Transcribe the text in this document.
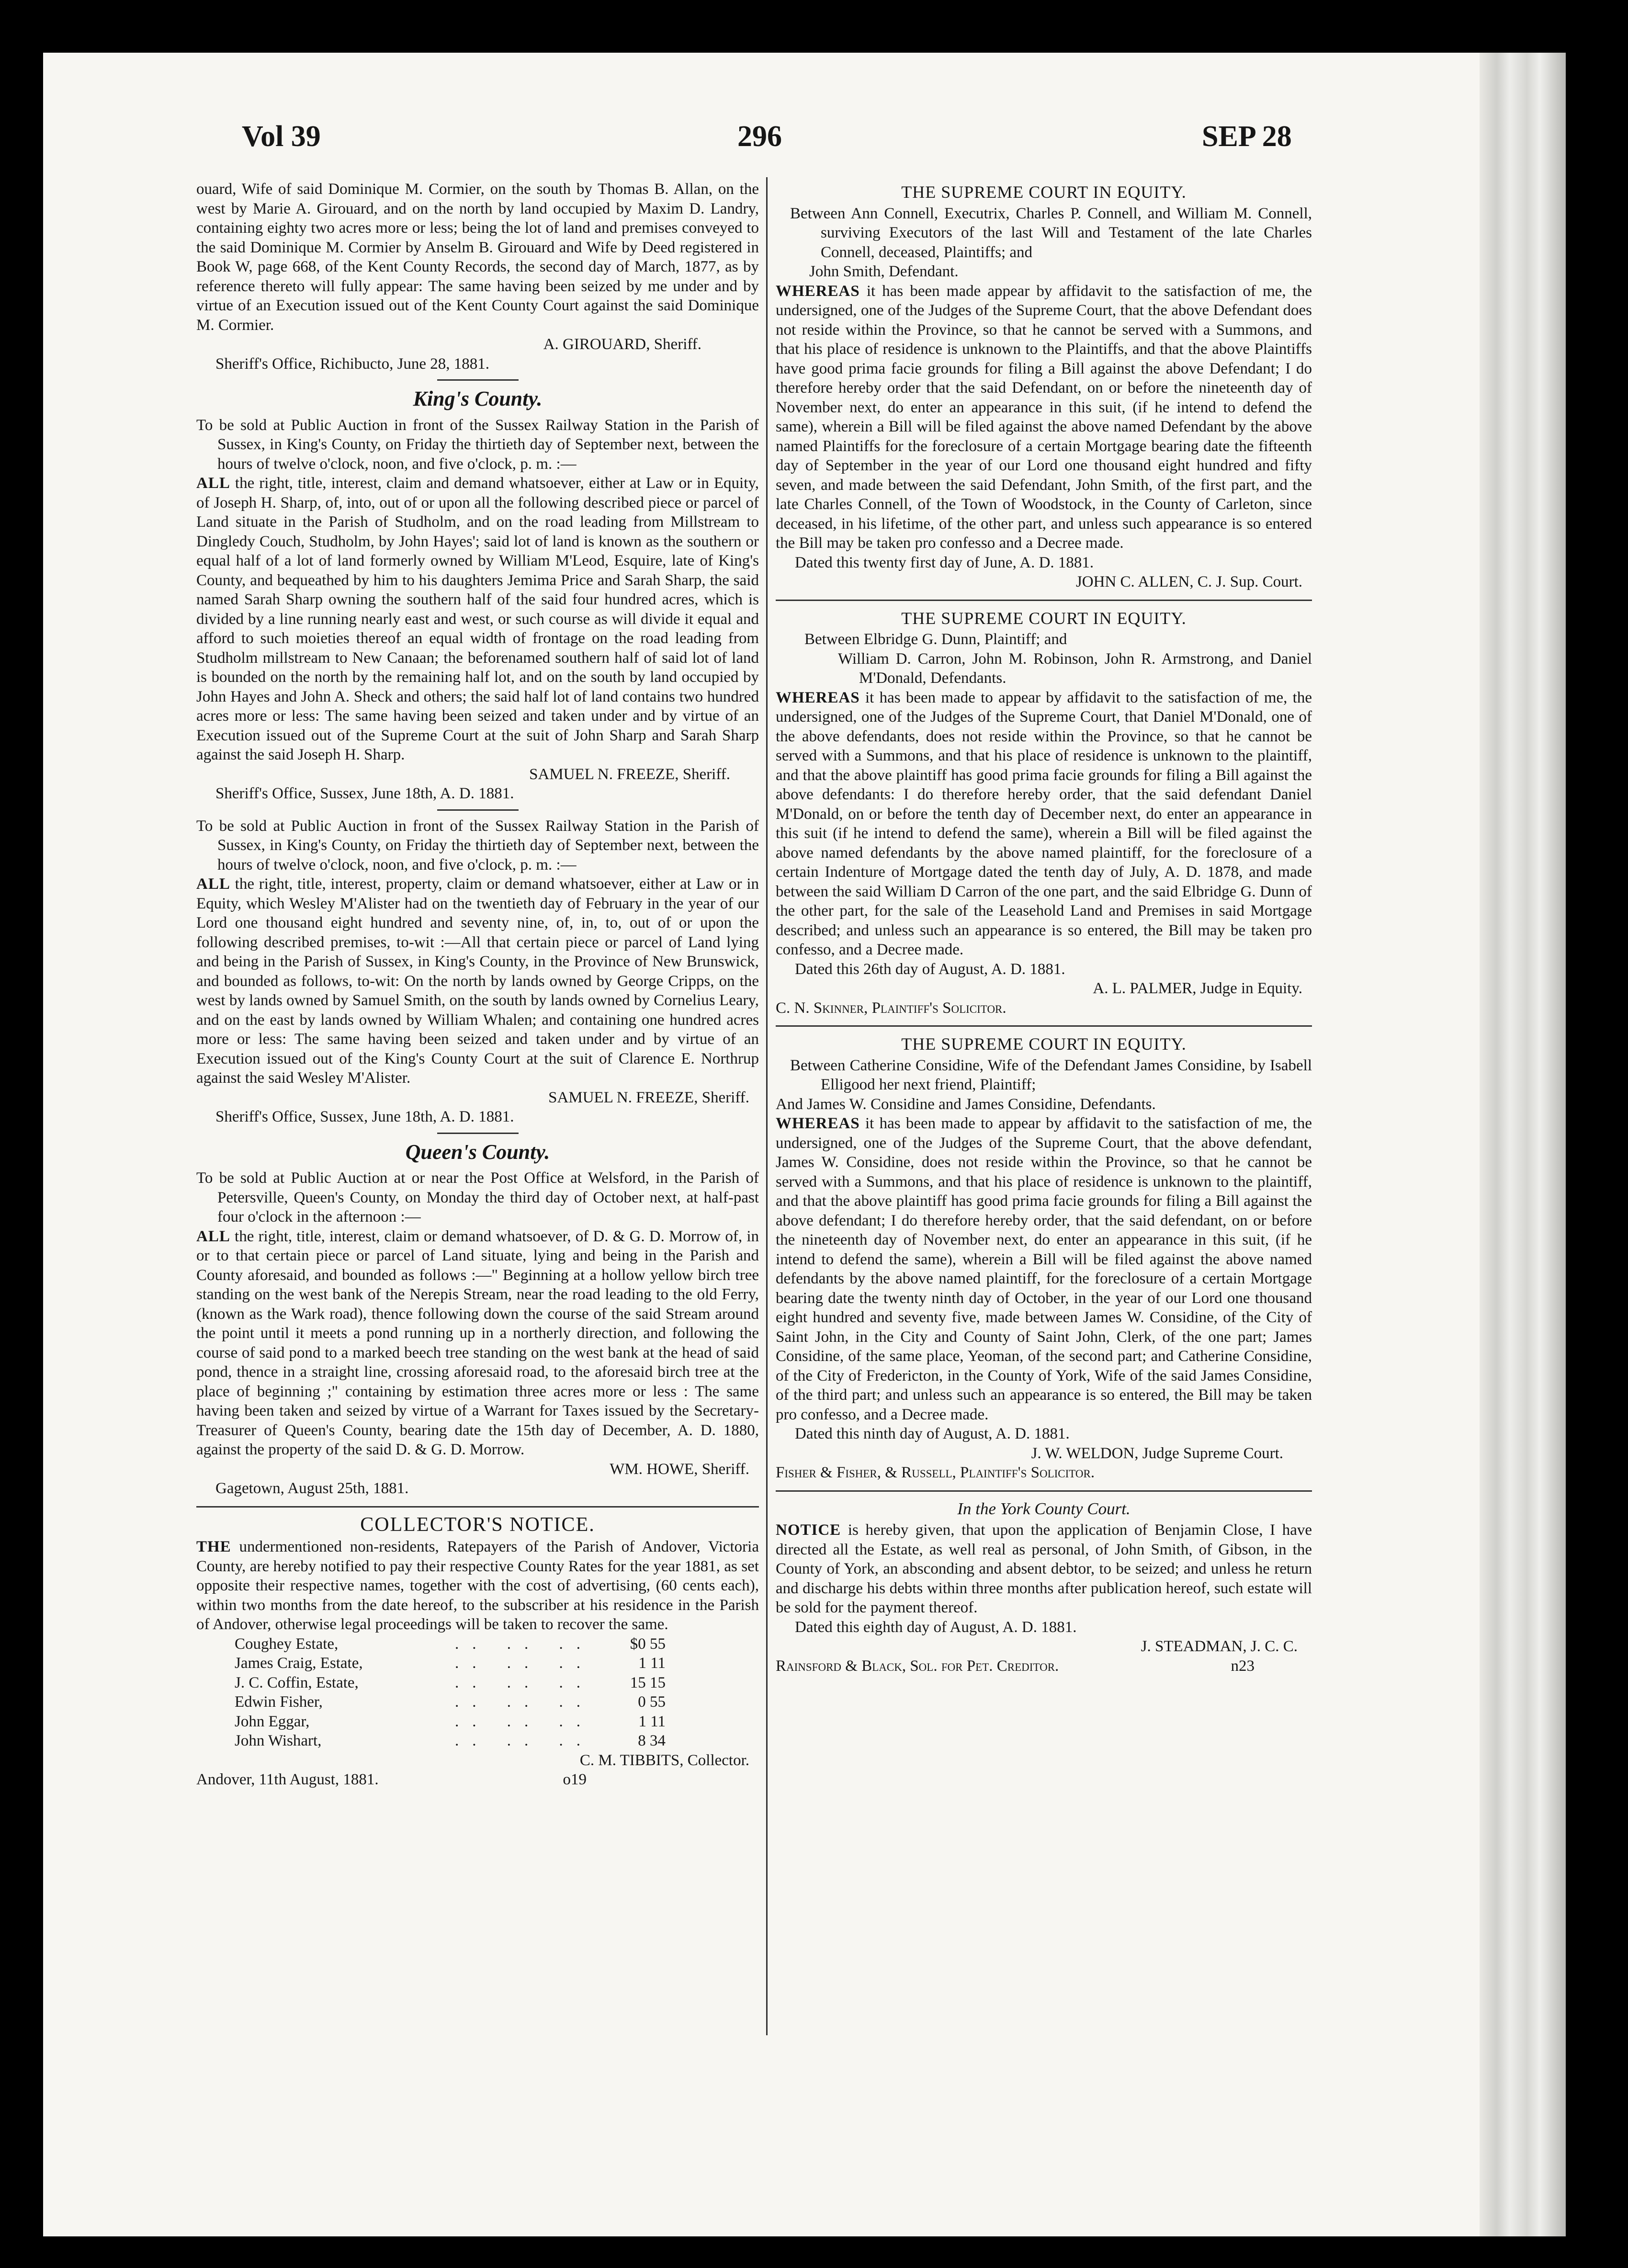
Vol 39	296	SEP 28

ouard, Wife of said Dominique M. Cormier, on the south by Thomas B. Allan, on the west by Marie A. Girouard, and on the north by land occupied by Maxim D. Landry, containing eighty two acres more or less; being the lot of land and premises conveyed to the said Dominique M. Cormier by Anselm B. Girouard and Wife by Deed registered in Book W, page 668, of the Kent County Records, the second day of March, 1877, as by reference thereto will fully appear: The same having been seized by me under and by virtue of an Execution issued out of the Kent County Court against the said Dominique M. Cormier.

A. GIROUARD, Sheriff.

Sheriff's Office, Richibucto, June 28, 1881.

King's County.

To be sold at Public Auction in front of the Sussex Railway Station in the Parish of Sussex, in King's County, on Friday the thirtieth day of September next, between the hours of twelve o'clock, noon, and five o'clock, p. m. :—

ALL the right, title, interest, claim and demand whatsoever, either at Law or in Equity, of Joseph H. Sharp, of, into, out of or upon all the following described piece or parcel of Land situate in the Parish of Studholm, and on the road leading from Millstream to Dingledy Couch, Studholm, by John Hayes'; said lot of land is known as the southern or equal half of a lot of land formerly owned by William M'Leod, Esquire, late of King's County, and bequeathed by him to his daughters Jemima Price and Sarah Sharp, the said named Sarah Sharp owning the southern half of the said four hundred acres, which is divided by a line running nearly east and west, or such course as will divide it equal and afford to such moieties thereof an equal width of frontage on the road leading from Studholm millstream to New Canaan; the beforenamed southern half of said lot of land is bounded on the north by the remaining half lot, and on the south by land occupied by John Hayes and John A. Sheck and others; the said half lot of land contains two hundred acres more or less: The same having been seized and taken under and by virtue of an Execution issued out of the Supreme Court at the suit of John Sharp and Sarah Sharp against the said Joseph H. Sharp.

SAMUEL N. FREEZE, Sheriff.

Sheriff's Office, Sussex, June 18th, A. D. 1881.

To be sold at Public Auction in front of the Sussex Railway Station in the Parish of Sussex, in King's County, on Friday the thirtieth day of September next, between the hours of twelve o'clock, noon, and five o'clock, p. m. :—

ALL the right, title, interest, property, claim or demand whatsoever, either at Law or in Equity, which Wesley M'Alister had on the twentieth day of February in the year of our Lord one thousand eight hundred and seventy nine, of, in, to, out of or upon the following described premises, to-wit :—All that certain piece or parcel of Land lying and being in the Parish of Sussex, in King's County, in the Province of New Brunswick, and bounded as follows, to-wit: On the north by lands owned by George Cripps, on the west by lands owned by Samuel Smith, on the south by lands owned by Cornelius Leary, and on the east by lands owned by William Whalen; and containing one hundred acres more or less: The same having been seized and taken under and by virtue of an Execution issued out of the King's County Court at the suit of Clarence E. Northrup against the said Wesley M'Alister.

SAMUEL N. FREEZE, Sheriff.

Sheriff's Office, Sussex, June 18th, A. D. 1881.

Queen's County.

To be sold at Public Auction at or near the Post Office at Welsford, in the Parish of Petersville, Queen's County, on Monday the third day of October next, at half-past four o'clock in the afternoon :—

ALL the right, title, interest, claim or demand whatsoever, of D. & G. D. Morrow of, in or to that certain piece or parcel of Land situate, lying and being in the Parish and County aforesaid, and bounded as follows :—" Beginning at a hollow yellow birch tree standing on the west bank of the Nerepis Stream, near the road leading to the old Ferry, (known as the Wark road), thence following down the course of the said Stream around the point until it meets a pond running up in a northerly direction, and following the course of said pond to a marked beech tree standing on the west bank at the head of said pond, thence in a straight line, crossing aforesaid road, to the aforesaid birch tree at the place of beginning ;" containing by estimation three acres more or less : The same having been taken and seized by virtue of a Warrant for Taxes issued by the Secretary-Treasurer of Queen's County, bearing date the 15th day of December, A. D. 1880, against the property of the said D. & G. D. Morrow.

WM. HOWE, Sheriff.

Gagetown, August 25th, 1881.

COLLECTOR'S NOTICE.

THE undermentioned non-residents, Ratepayers of the Parish of Andover, Victoria County, are hereby notified to pay their respective County Rates for the year 1881, as set opposite their respective names, together with the cost of advertising, (60 cents each), within two months from the date hereof, to the subscriber at his residence in the Parish of Andover, otherwise legal proceedings will be taken to recover the same.

Coughey Estate,	.. .. ..	$0 55
James Craig, Estate,	.. .. ..	1 11
J. C. Coffin, Estate,	.. .. ..	15 15
Edwin Fisher,	.. .. ..	0 55
John Eggar,	.. .. ..	1 11
John Wishart,	.. .. ..	8 34

C. M. TIBBITS, Collector.

Andover, 11th August, 1881.	o19
THE SUPREME COURT IN EQUITY.

Between Ann Connell, Executrix, Charles P. Connell, and William M. Connell, surviving Executors of the last Will and Testament of the late Charles Connell, deceased, Plaintiffs; and

John Smith, Defendant.

WHEREAS it has been made appear by affidavit to the satisfaction of me, the undersigned, one of the Judges of the Supreme Court, that the above Defendant does not reside within the Province, so that he cannot be served with a Summons, and that his place of residence is unknown to the Plaintiffs, and that the above Plaintiffs have good prima facie grounds for filing a Bill against the above Defendant; I do therefore hereby order that the said Defendant, on or before the nineteenth day of November next, do enter an appearance in this suit, (if he intend to defend the same), wherein a Bill will be filed against the above named Defendant by the above named Plaintiffs for the foreclosure of a certain Mortgage bearing date the fifteenth day of September in the year of our Lord one thousand eight hundred and fifty seven, and made between the said Defendant, John Smith, of the first part, and the late Charles Connell, of the Town of Woodstock, in the County of Carleton, since deceased, in his lifetime, of the other part, and unless such appearance is so entered the Bill may be taken pro confesso and a Decree made.

Dated this twenty first day of June, A. D. 1881.

JOHN C. ALLEN, C. J. Sup. Court.

THE SUPREME COURT IN EQUITY.

Between Elbridge G. Dunn, Plaintiff; and

William D. Carron, John M. Robinson, John R. Armstrong, and Daniel M'Donald, Defendants.

WHEREAS it has been made to appear by affidavit to the satisfaction of me, the undersigned, one of the Judges of the Supreme Court, that Daniel M'Donald, one of the above defendants, does not reside within the Province, so that he cannot be served with a Summons, and that his place of residence is unknown to the plaintiff, and that the above plaintiff has good prima facie grounds for filing a Bill against the above defendants: I do therefore hereby order, that the said defendant Daniel M'Donald, on or before the tenth day of December next, do enter an appearance in this suit (if he intend to defend the same), wherein a Bill will be filed against the above named defendants by the above named plaintiff, for the foreclosure of a certain Indenture of Mortgage dated the tenth day of July, A. D. 1878, and made between the said William D Carron of the one part, and the said Elbridge G. Dunn of the other part, for the sale of the Leasehold Land and Premises in said Mortgage described; and unless such an appearance is so entered, the Bill may be taken pro confesso, and a Decree made.

Dated this 26th day of August, A. D. 1881.

A. L. PALMER, Judge in Equity.

C. N. Skinner, Plaintiff's Solicitor.

THE SUPREME COURT IN EQUITY.

Between Catherine Considine, Wife of the Defendant James Considine, by Isabell Elligood her next friend, Plaintiff;

And James W. Considine and James Considine, Defendants.

WHEREAS it has been made to appear by affidavit to the satisfaction of me, the undersigned, one of the Judges of the Supreme Court, that the above defendant, James W. Considine, does not reside within the Province, so that he cannot be served with a Summons, and that his place of residence is unknown to the plaintiff, and that the above plaintiff has good prima facie grounds for filing a Bill against the above defendant; I do therefore hereby order, that the said defendant, on or before the nineteenth day of November next, do enter an appearance in this suit, (if he intend to defend the same), wherein a Bill will be filed against the above named defendants by the above named plaintiff, for the foreclosure of a certain Mortgage bearing date the twenty ninth day of October, in the year of our Lord one thousand eight hundred and seventy five, made between James W. Considine, of the City of Saint John, in the City and County of Saint John, Clerk, of the one part; James Considine, of the same place, Yeoman, of the second part; and Catherine Considine, of the City of Fredericton, in the County of York, Wife of the said James Considine, of the third part; and unless such an appearance is so entered, the Bill may be taken pro confesso, and a Decree made.

Dated this ninth day of August, A. D. 1881.

J. W. WELDON, Judge Supreme Court.

Fisher & Fisher, & Russell, Plaintiff's Solicitor.

In the York County Court.

NOTICE is hereby given, that upon the application of Benjamin Close, I have directed all the Estate, as well real as personal, of John Smith, of Gibson, in the County of York, an absconding and absent debtor, to be seized; and unless he return and discharge his debts within three months after publication hereof, such estate will be sold for the payment thereof.

Dated this eighth day of August, A. D. 1881.

J. STEADMAN, J. C. C.

Rainsford & Black, Sol. for Pet. Creditor.	n23
